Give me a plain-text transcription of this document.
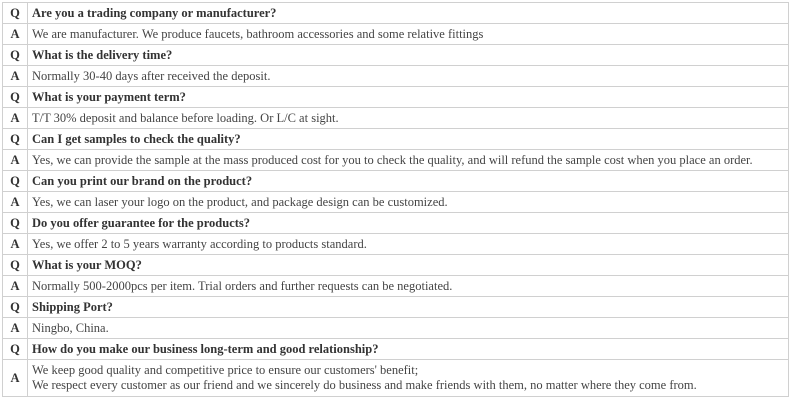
Q	Are you a trading company or manufacturer?
A	We are manufacturer. We produce faucets, bathroom accessories and some relative fittings
Q	What is the delivery time?
A	Normally 30-40 days after received the deposit.
Q	What is your payment term?
A	T/T 30% deposit and balance before loading. Or L/C at sight.
Q	Can I get samples to check the quality?
A	Yes, we can provide the sample at the mass produced cost for you to check the quality, and will refund the sample cost when you place an order.
Q	Can you print our brand on the product?
A	Yes, we can laser your logo on the product, and package design can be customized.
Q	Do you offer guarantee for the products?
A	Yes, we offer 2 to 5 years warranty according to products standard.
Q	What is your MOQ?
A	Normally 500-2000pcs per item. Trial orders and further requests can be negotiated.
Q	Shipping Port?
A	Ningbo, China.
Q	How do you make our business long-term and good relationship?
A	We keep good quality and competitive price to ensure our customers' benefit;
We respect every customer as our friend and we sincerely do business and make friends with them, no matter where they come from.
